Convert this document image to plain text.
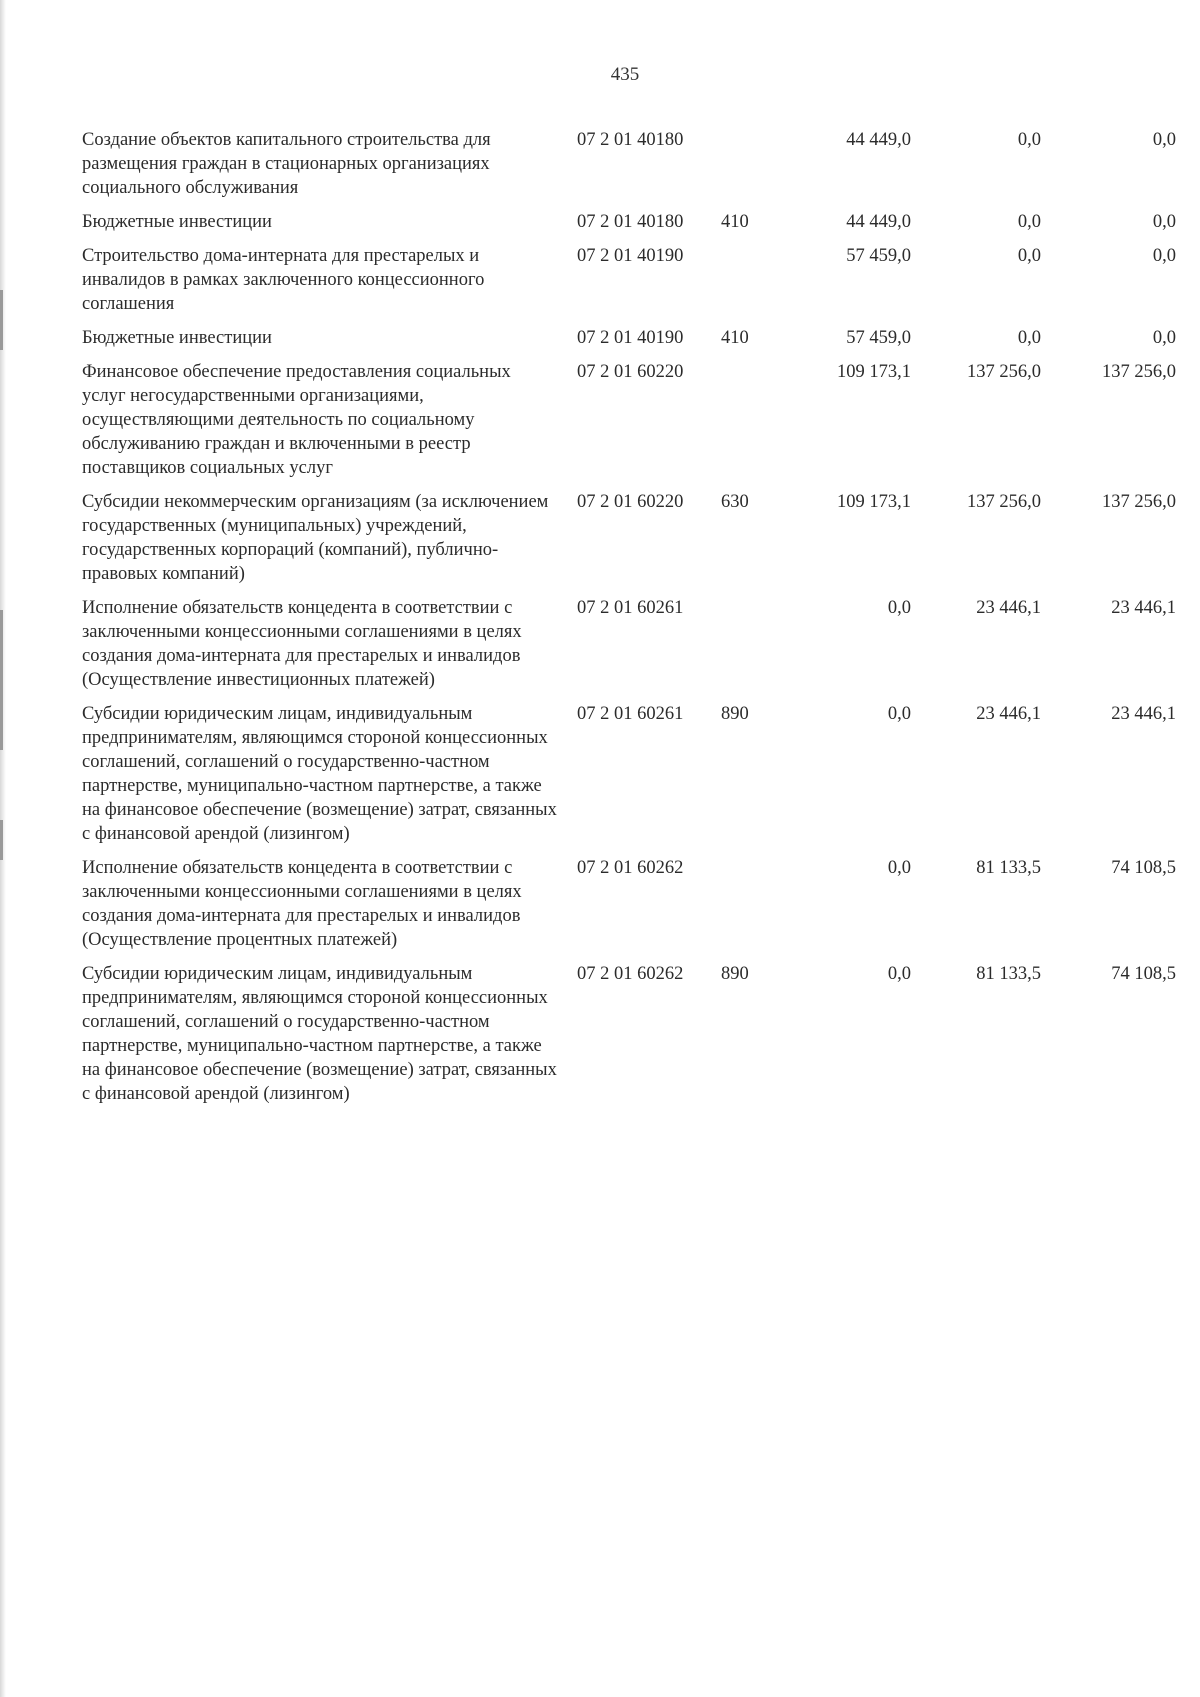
435
Создание объектов капитального строительства для размещения граждан в стационарных организациях социального обслуживания	07 2 01 40180		44 449,0	0,0	0,0
Бюджетные инвестиции	07 2 01 40180	410	44 449,0	0,0	0,0
Строительство дома-интерната для престарелых и инвалидов в рамках заключенного концессионного соглашения	07 2 01 40190		57 459,0	0,0	0,0
Бюджетные инвестиции	07 2 01 40190	410	57 459,0	0,0	0,0
Финансовое обеспечение предоставления социальных услуг негосударственными организациями, осуществляющими деятельность по социальному обслуживанию граждан и включенными в реестр поставщиков социальных услуг	07 2 01 60220		109 173,1	137 256,0	137 256,0
Субсидии некоммерческим организациям (за исключением государственных (муниципальных) учреждений, государственных корпораций (компаний), публично-правовых компаний)	07 2 01 60220	630	109 173,1	137 256,0	137 256,0
Исполнение обязательств концедента в соответствии с заключенными концессионными соглашениями в целях создания дома-интерната для престарелых и инвалидов (Осуществление инвестиционных платежей)	07 2 01 60261		0,0	23 446,1	23 446,1
Субсидии юридическим лицам, индивидуальным предпринимателям, являющимся стороной концессионных соглашений, соглашений о государственно-частном партнерстве, муниципально-частном партнерстве, а также на финансовое обеспечение (возмещение) затрат, связанных с финансовой арендой (лизингом)	07 2 01 60261	890	0,0	23 446,1	23 446,1
Исполнение обязательств концедента в соответствии с заключенными концессионными соглашениями в целях создания дома-интерната для престарелых и инвалидов (Осуществление процентных платежей)	07 2 01 60262		0,0	81 133,5	74 108,5
Субсидии юридическим лицам, индивидуальным предпринимателям, являющимся стороной концессионных соглашений, соглашений о государственно-частном партнерстве, муниципально-частном партнерстве, а также на финансовое обеспечение (возмещение) затрат, связанных с финансовой арендой (лизингом)	07 2 01 60262	890	0,0	81 133,5	74 108,5
